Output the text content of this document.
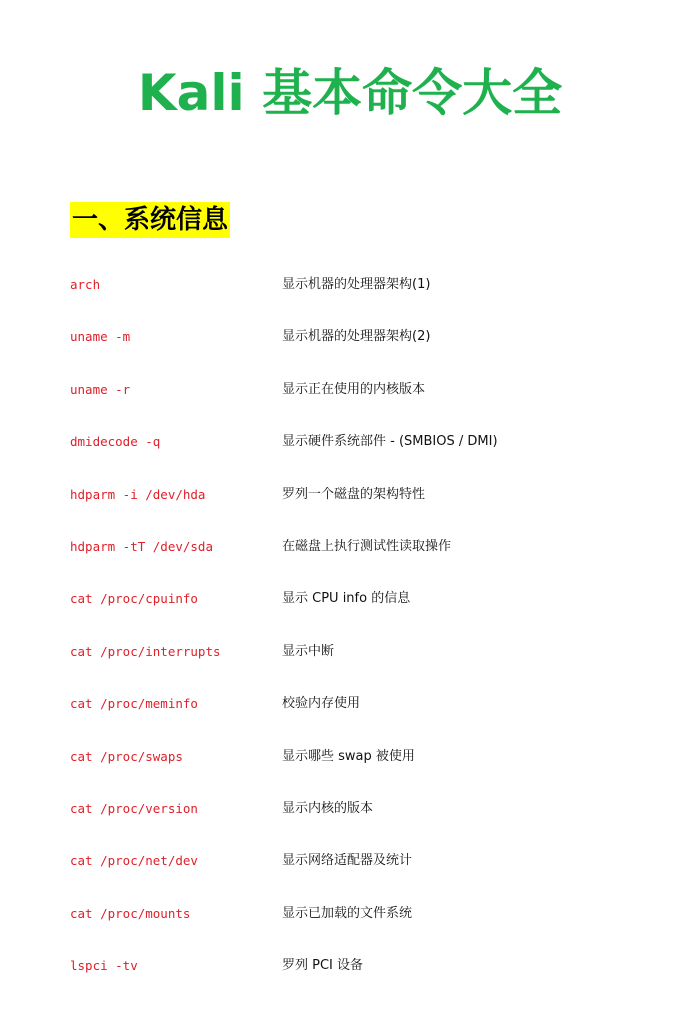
Kali 基本命令大全
一、系统信息
arch	显示机器的处理器架构(1)
uname -m	显示机器的处理器架构(2)
uname -r	显示正在使用的内核版本
dmidecode -q	显示硬件系统部件 - (SMBIOS / DMI)
hdparm -i /dev/hda	罗列一个磁盘的架构特性
hdparm -tT /dev/sda	在磁盘上执行测试性读取操作
cat /proc/cpuinfo	显示 CPU info 的信息
cat /proc/interrupts	显示中断
cat /proc/meminfo	校验内存使用
cat /proc/swaps	显示哪些 swap 被使用
cat /proc/version	显示内核的版本
cat /proc/net/dev	显示网络适配器及统计
cat /proc/mounts	显示已加载的文件系统
lspci -tv	罗列 PCI 设备
